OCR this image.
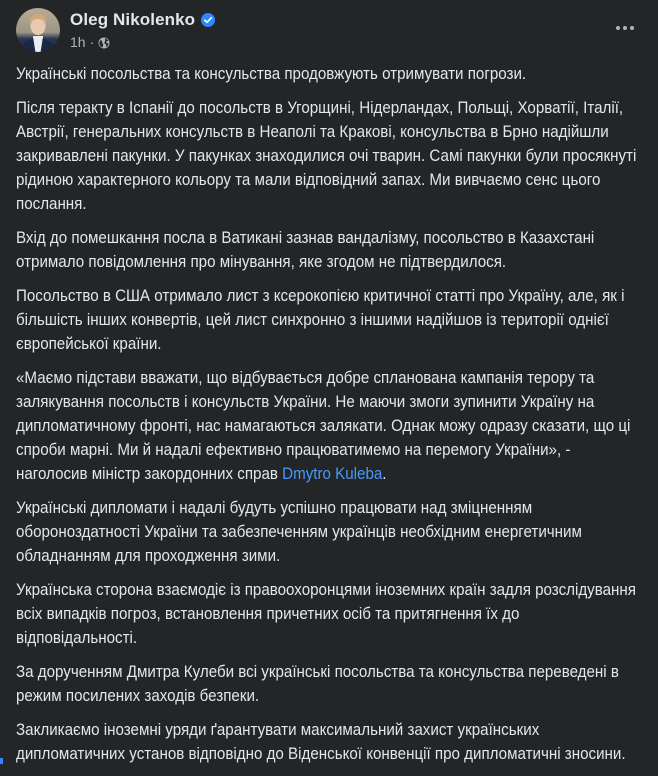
Oleg Nikolenko
1h ·

Українські посольства та консульства продовжують отримувати погрози.

Після теракту в Іспанії до посольств в Угорщині, Нідерландах, Польщі, Хорватії, Італії, Австрії, генеральних консульств в Неаполі та Кракові, консульства в Брно надійшли закривавлені пакунки. У пакунках знаходилися очі тварин. Самі пакунки були просякнуті рідиною характерного кольору та мали відповідний запах. Ми вивчаємо сенс цього послання.

Вхід до помешкання посла в Ватикані зазнав вандалізму, посольство в Казахстані отримало повідомлення про мінування, яке згодом не підтвердилося.

Посольство в США отримало лист з ксерокопією критичної статті про Україну, але, як і більшість інших конвертів, цей лист синхронно з іншими надійшов із території однієї європейської країни.

«Маємо підстави вважати, що відбувається добре спланована кампанія терору та залякування посольств і консульств України. Не маючи змоги зупинити Україну на дипломатичному фронті, нас намагаються залякати. Однак можу одразу сказати, що ці спроби марні. Ми й надалі ефективно працюватимемо на перемогу України», - наголосив міністр закордонних справ Dmytro Kuleba.

Українські дипломати і надалі будуть успішно працювати над зміцненням обороноздатності України та забезпеченням українців необхідним енергетичним обладнанням для проходження зими.

Українська сторона взаємодіє із правоохоронцями іноземних країн задля розслідування всіх випадків погроз, встановлення причетних осіб та притягнення їх до відповідальності.

За дорученням Дмитра Кулеби всі українські посольства та консульства переведені в режим посилених заходів безпеки.

Закликаємо іноземні уряди ґарантувати максимальний захист українських дипломатичних установ відповідно до Віденської конвенції про дипломатичні зносини.
